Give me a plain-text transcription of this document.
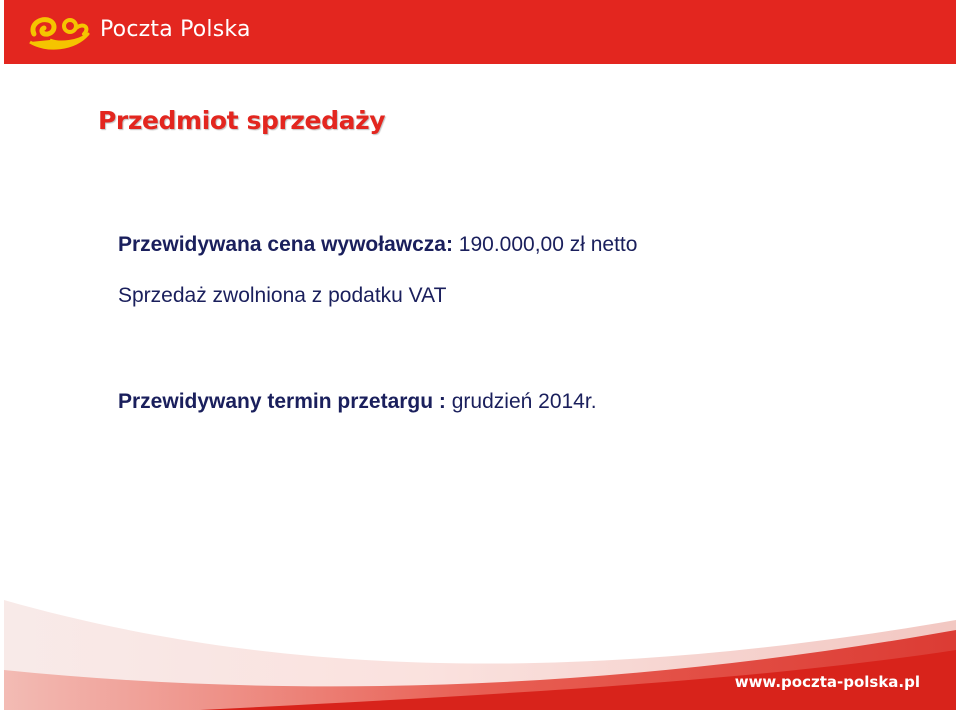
Poczta Polska
Przedmiot sprzedaży
Przewidywana cena wywoławcza: 190.000,00 zł netto
Sprzedaż zwolniona z podatku VAT
Przewidywany termin przetargu : grudzień 2014r.
www.poczta-polska.pl
